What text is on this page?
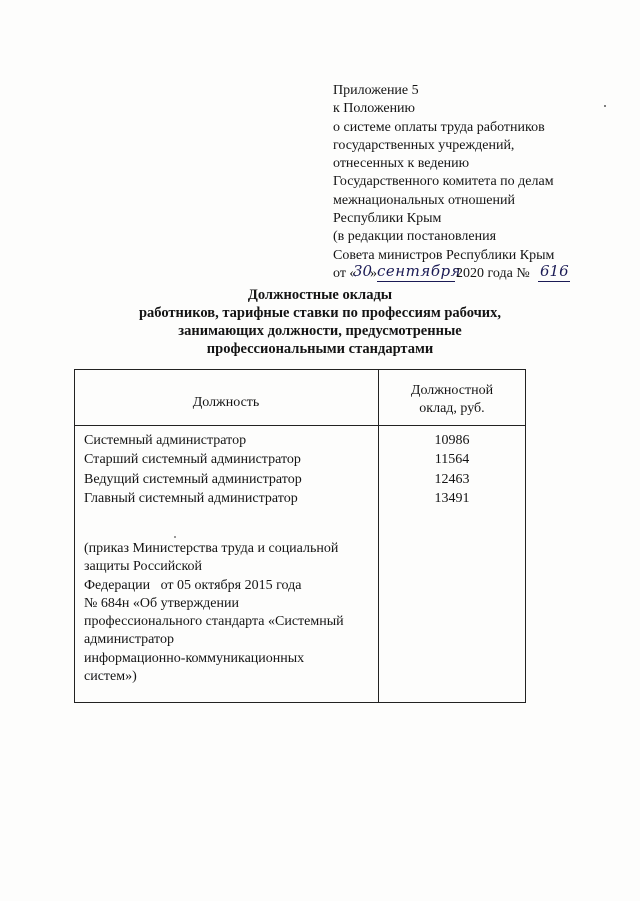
Приложение 5
к Положению
о системе оплаты труда работников
государственных учреждений,
отнесенных к ведению
Государственного комитета по делам
межнациональных отношений
Республики Крым
(в редакции постановления
Совета министров Республики Крым
от «
30
» сентября
2020 года № 616
Должностные оклады
работников, тарифные ставки по профессиям рабочих,
занимающих должности, предусмотренные
профессиональными стандартами
Должность
Должностной
оклад, руб.
Системный администратор
Старший системный администратор
Ведущий системный администратор
Главный системный администратор
10986
11564
12463
13491
(приказ Министерства труда и социальной
защиты Российской
Федерации   от 05 октября 2015 года
№ 684н «Об утверждении
профессионального стандарта «Системный
администратор
информационно-коммуникационных
систем»)
